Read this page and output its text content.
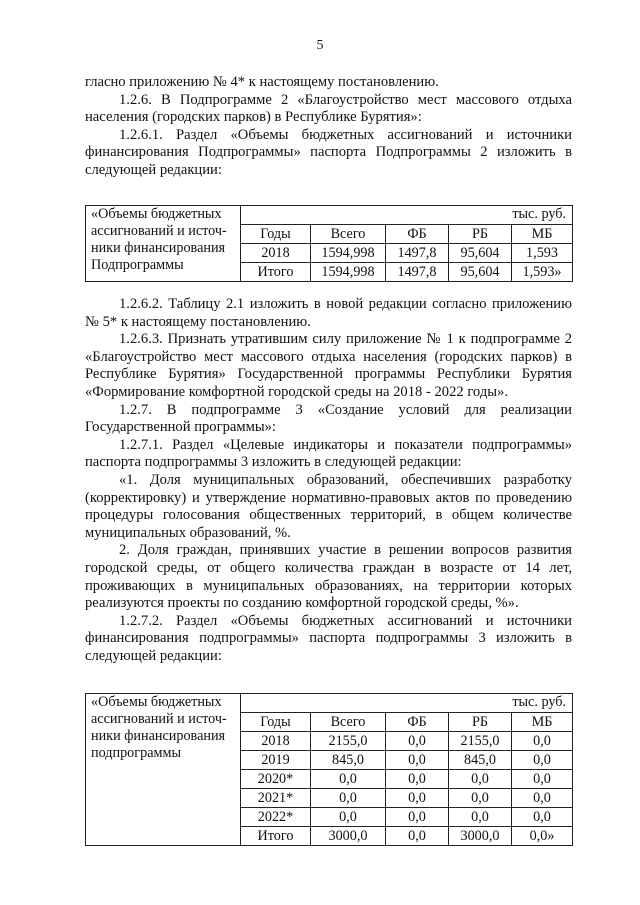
5

гласно приложению № 4* к настоящему постановлению.

1.2.6. В Подпрограмме 2 «Благоустройство мест массового отдыха населения (городских парков) в Республике Бурятия»:

1.2.6.1. Раздел «Объемы бюджетных ассигнований и источники финансирования Подпрограммы» паспорта Подпрограммы 2 изложить в следующей редакции:

«Объемы бюджетных
ассигнований и источ-
ники финансирования
Подпрограммы	тыс. руб.				
	Годы	Всего	ФБ	РБ	МБ
	2018	1594,998	1497,8	95,604	1,593
	Итого	1594,998	1497,8	95,604	1,593»

1.2.6.2. Таблицу 2.1 изложить в новой редакции согласно приложению № 5* к настоящему постановлению.

1.2.6.3. Признать утратившим силу приложение № 1 к подпрограмме 2 «Благоустройство мест массового отдыха населения (городских парков) в Республике Бурятия» Государственной программы Республики Бурятия «Формирование комфортной городской среды на 2018 - 2022 годы».

1.2.7. В подпрограмме 3 «Создание условий для реализации Государственной программы»:

1.2.7.1. Раздел «Целевые индикаторы и показатели подпрограммы» паспорта подпрограммы 3 изложить в следующей редакции:

«1. Доля муниципальных образований, обеспечивших разработку (корректировку) и утверждение нормативно-правовых актов по проведению процедуры голосования общественных территорий, в общем количестве муниципальных образований, %.

2. Доля граждан, принявших участие в решении вопросов развития городской среды, от общего количества граждан в возрасте от 14 лет, проживающих в муниципальных образованиях, на территории которых реализуются проекты по созданию комфортной городской среды, %».

1.2.7.2. Раздел «Объемы бюджетных ассигнований и источники финансирования подпрограммы» паспорта подпрограммы 3 изложить в следующей редакции:

«Объемы бюджетных
ассигнований и источ-
ники финансирования
подпрограммы	тыс. руб.				
	Годы	Всего	ФБ	РБ	МБ
	2018	2155,0	0,0	2155,0	0,0
	2019	845,0	0,0	845,0	0,0
	2020*	0,0	0,0	0,0	0,0
	2021*	0,0	0,0	0,0	0,0
	2022*	0,0	0,0	0,0	0,0
	Итого	3000,0	0,0	3000,0	0,0»
